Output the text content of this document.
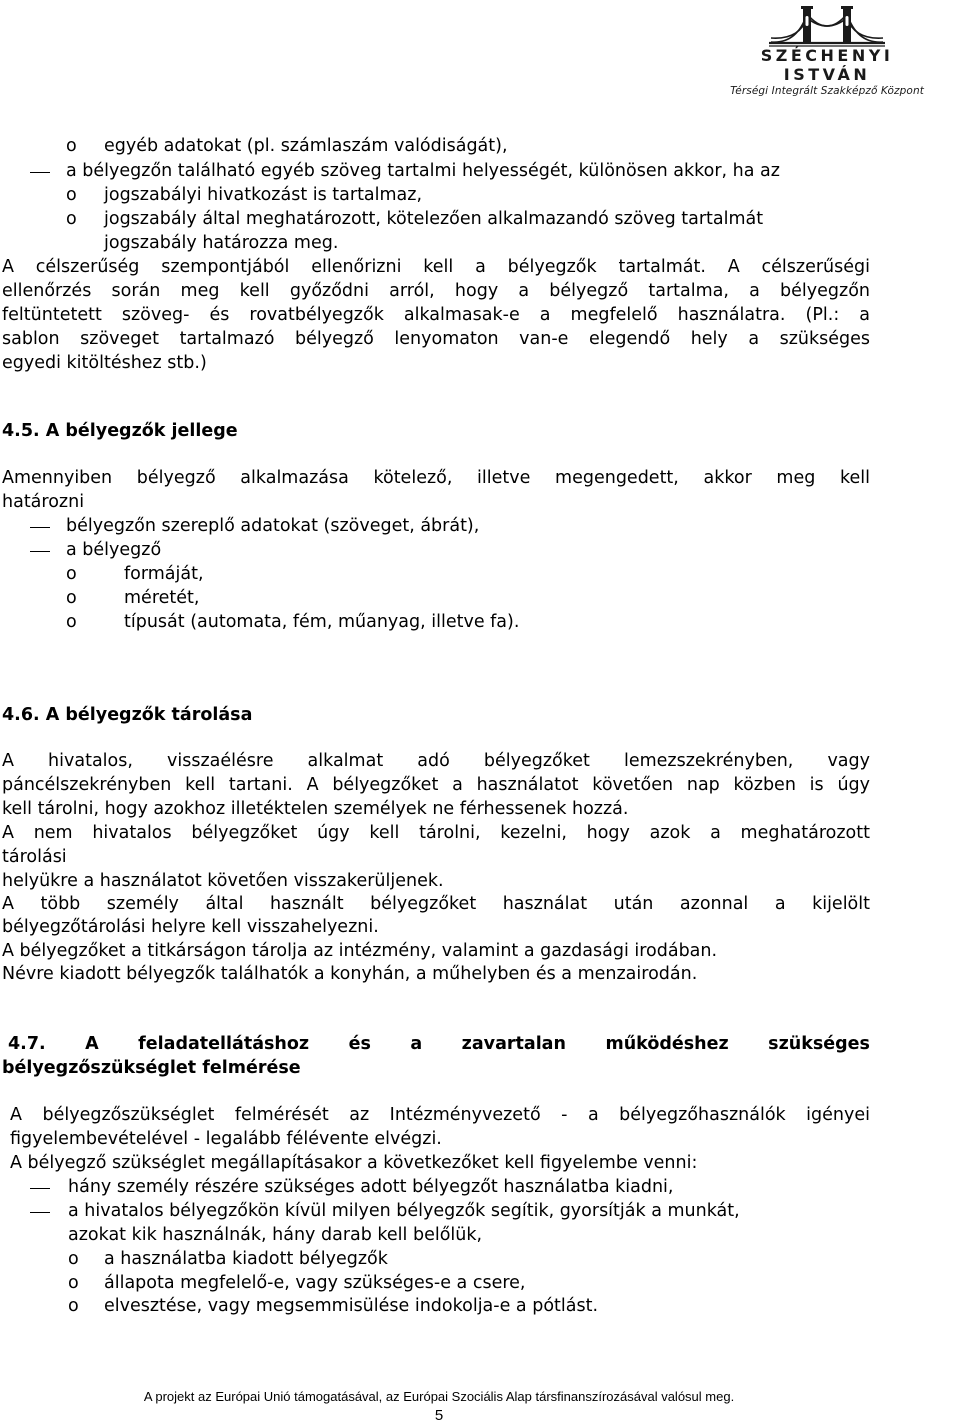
SZÉCHENYI ISTVÁN
Térségi Integrált Szakképző Központ
o egyéb adatokat (pl. számlaszám valódiságát),
a bélyegzőn található egyéb szöveg tartalmi helyességét, különösen akkor, ha az
o jogszabályi hivatkozást is tartalmaz,
o jogszabály által meghatározott, kötelezően alkalmazandó szöveg tartalmát
jogszabály határozza meg.
A célszerűség szempontjából ellenőrizni kell a bélyegzők tartalmát. A célszerűségi
ellenőrzés során meg kell győződni arról, hogy a bélyegző tartalma, a bélyegzőn
feltüntetett szöveg- és rovatbélyegzők alkalmasak-e a megfelelő használatra. (Pl.: a
sablon szöveget tartalmazó bélyegző lenyomaton van-e elegendő hely a szükséges
egyedi kitöltéshez stb.)
4.5. A bélyegzők jellege
Amennyiben bélyegző alkalmazása kötelező, illetve megengedett, akkor meg kell
határozni
bélyegzőn szereplő adatokat (szöveget, ábrát),
a bélyegző
o	formáját,
o	méretét,
o	típusát (automata, fém, műanyag, illetve fa).
4.6. A bélyegzők tárolása
A hivatalos, visszaélésre alkalmat adó bélyegzőket lemezszekrényben, vagy
páncélszekrényben kell tartani. A bélyegzőket a használatot követően nap közben is úgy
kell tárolni, hogy azokhoz illetéktelen személyek ne férhessenek hozzá.
A nem hivatalos bélyegzőket úgy kell tárolni, kezelni, hogy azok a meghatározott
tárolási
helyükre a használatot követően visszakerüljenek.
A több személy által használt bélyegzőket használat után azonnal a kijelölt
bélyegzőtárolási helyre kell visszahelyezni.
A bélyegzőket a titkárságon tárolja az intézmény, valamint a gazdasági irodában.
Névre kiadott bélyegzők találhatók a konyhán, a műhelyben és a menzairodán.
4.7. A feladatellátáshoz és a zavartalan működéshez szükséges
bélyegzőszükséglet felmérése
A bélyegzőszükséglet felmérését az Intézményvezető - a bélyegzőhasználók igényei
figyelembevételével - legalább félévente elvégzi.
A bélyegző szükséglet megállapításakor a következőket kell figyelembe venni:
hány személy részére szükséges adott bélyegzőt használatba kiadni,
a hivatalos bélyegzőkön kívül milyen bélyegzők segítik, gyorsítják a munkát,
azokat kik használnák, hány darab kell belőlük,
o a használatba kiadott bélyegzők
o állapota megfelelő-e, vagy szükséges-e a csere,
o elvesztése, vagy megsemmisülése indokolja-e a pótlást.
A projekt az Európai Unió támogatásával, az Európai Szociális Alap társfinanszírozásával valósul meg.
5
